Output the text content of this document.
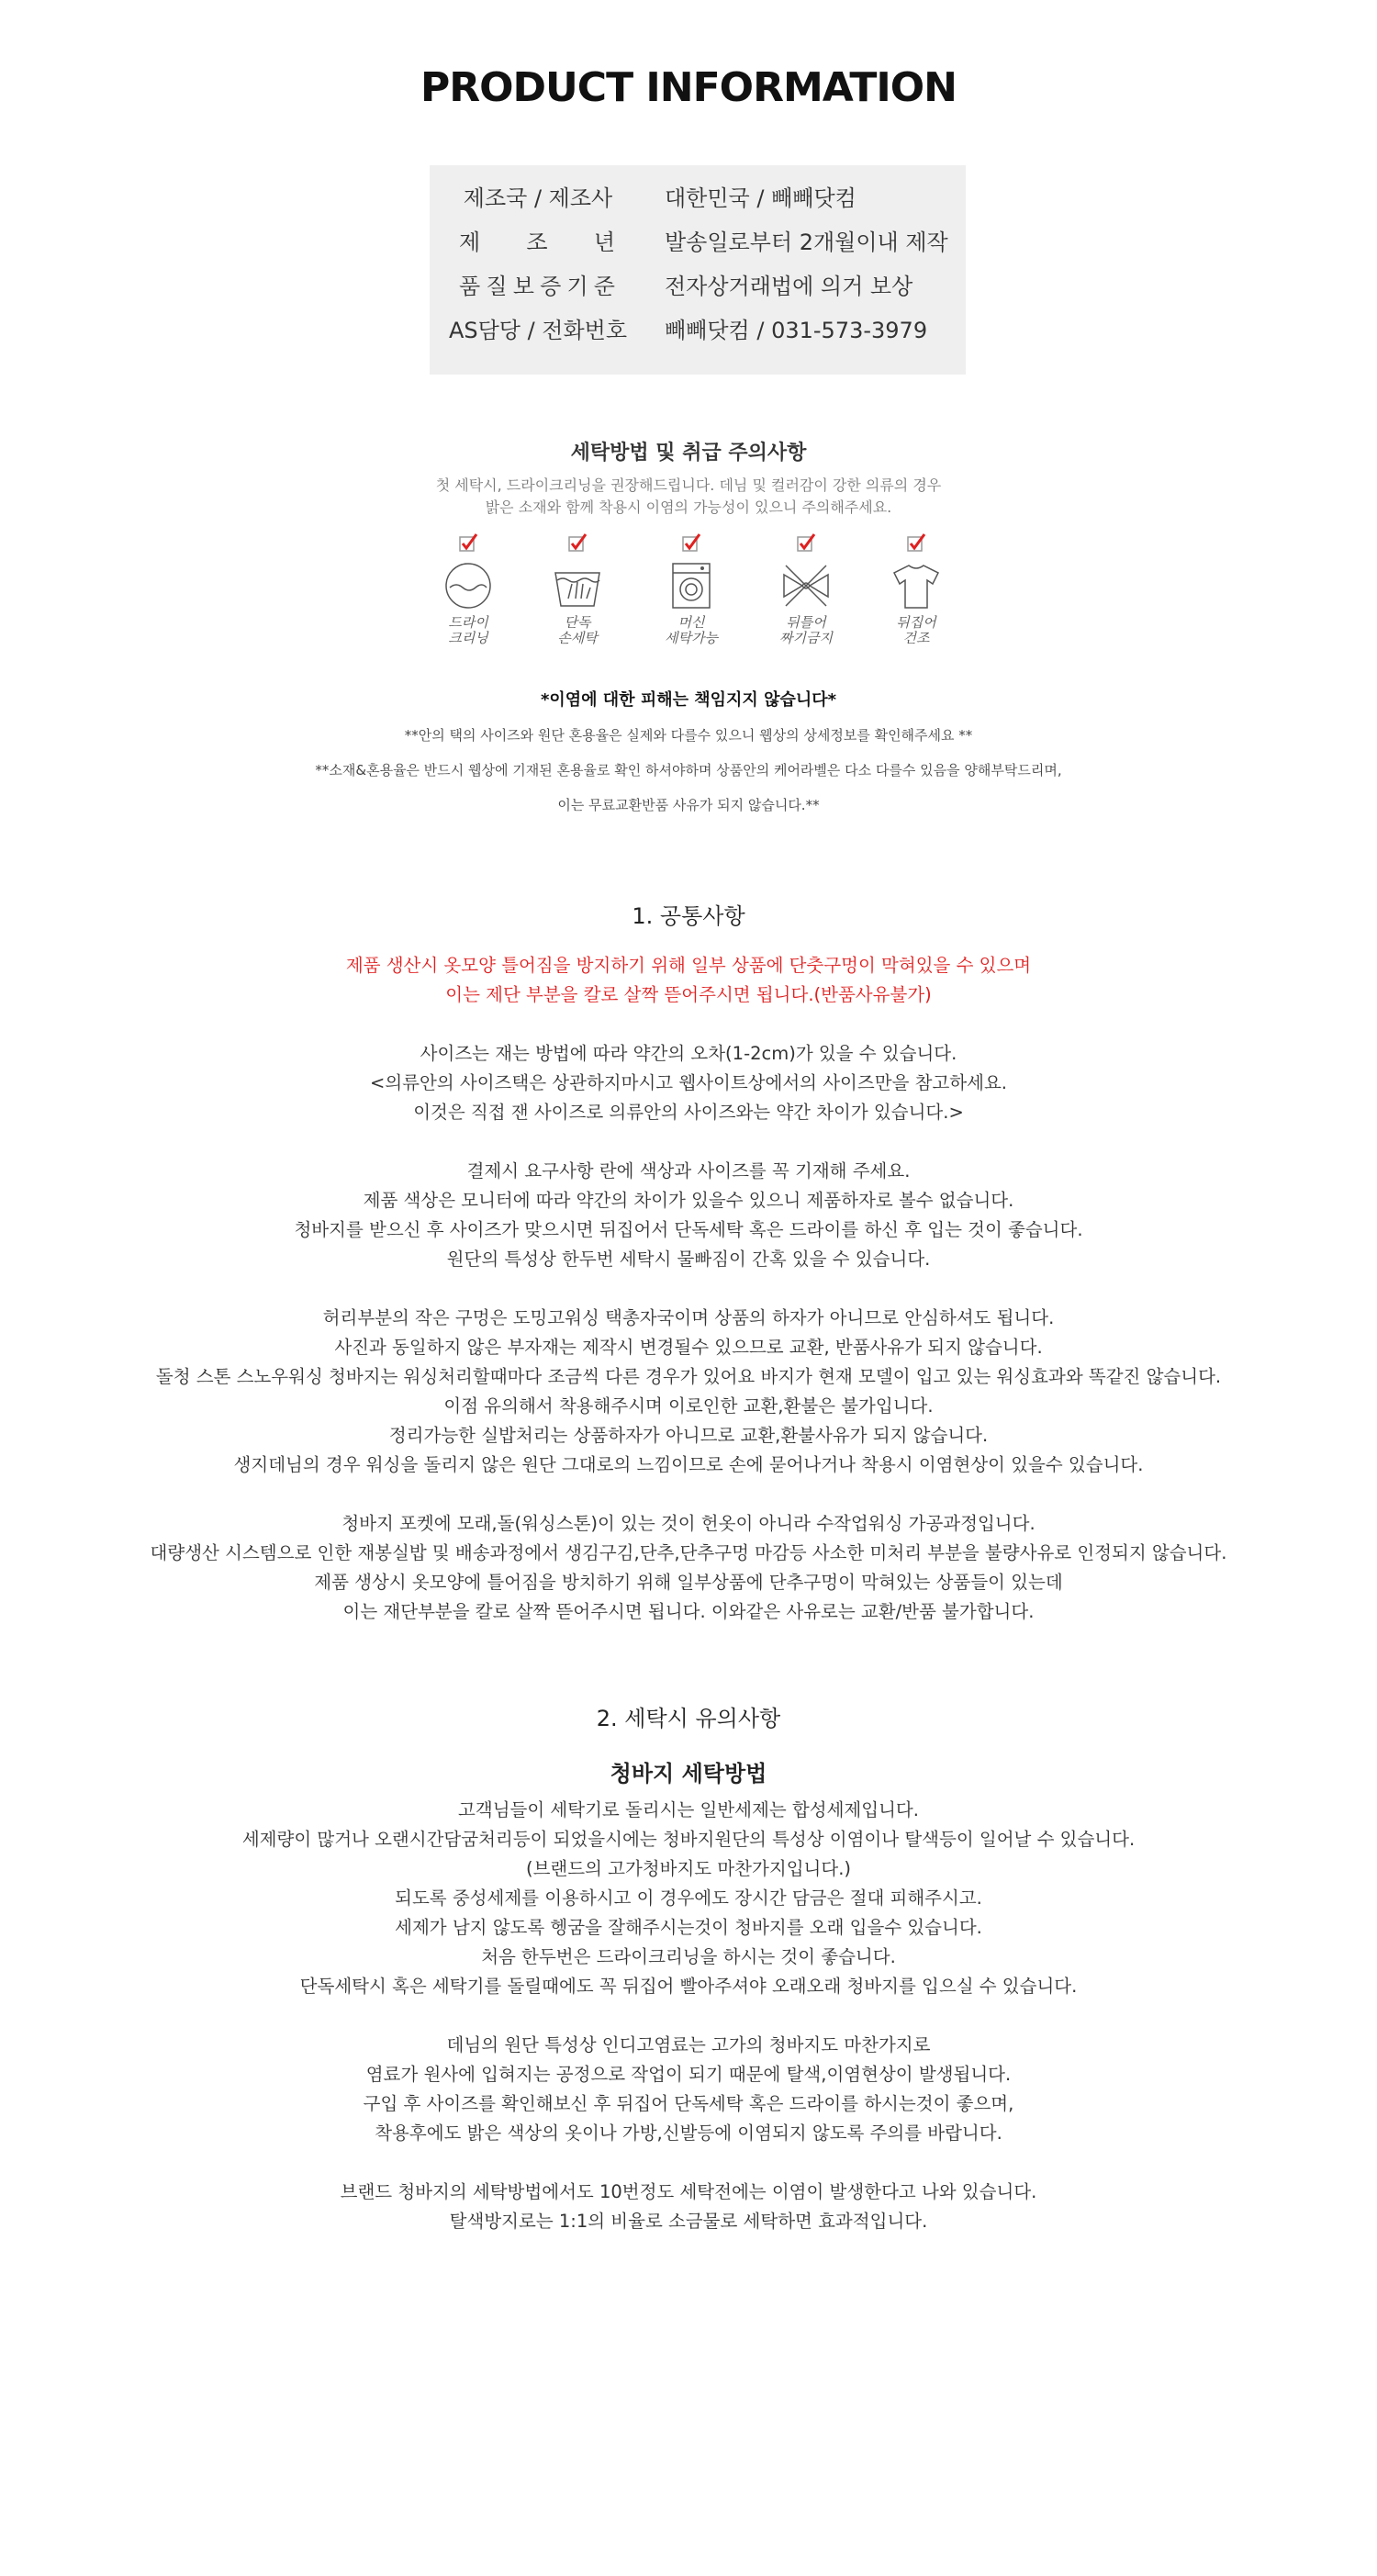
PRODUCT INFORMATION
제조국 / 제조사	대한민국 / 빼빼닷컴
제 조 년 발송일로부터 2개월이내 제작
품 질 보 증 기 준 전자상거래법에 의거 보상
AS담당 / 전화번호 빼빼닷컴 / 031-573-3979
세탁방법 및 취급 주의사항
첫 세탁시, 드라이크리닝을 권장해드립니다. 데님 및 컬러감이 강한 의류의 경우
밝은 소재와 함께 착용시 이염의 가능성이 있으니 주의해주세요.
드라이
크리닝
단독
손세탁
머신
세탁가능
뒤틀어
짜기금지
뒤집어
건조
*이염에 대한 피해는 책임지지 않습니다*
**안의 택의 사이즈와 원단 혼용율은 실제와 다를수 있으니 웹상의 상세정보를 확인해주세요 **
**소재&혼용율은 반드시 웹상에 기재된 혼용율로 확인 하셔야하며 상품안의 케어라벨은 다소 다를수 있음을 양해부탁드리며,
이는 무료교환반품 사유가 되지 않습니다.**
1. 공통사항
제품 생산시 옷모양 틀어짐을 방지하기 위해 일부 상품에 단춧구멍이 막혀있을 수 있으며
이는 제단 부분을 칼로 살짝 뜯어주시면 됩니다.(반품사유불가)
사이즈는 재는 방법에 따라 약간의 오차(1-2cm)가 있을 수 있습니다.
<의류안의 사이즈택은 상관하지마시고 웹사이트상에서의 사이즈만을 참고하세요.
이것은 직접 잰 사이즈로 의류안의 사이즈와는 약간 차이가 있습니다.>
결제시 요구사항 란에 색상과 사이즈를 꼭 기재해 주세요.
제품 색상은 모니터에 따라 약간의 차이가 있을수 있으니 제품하자로 볼수 없습니다.
청바지를 받으신 후 사이즈가 맞으시면 뒤집어서 단독세탁 혹은 드라이를 하신 후 입는 것이 좋습니다.
원단의 특성상 한두번 세탁시 물빠짐이 간혹 있을 수 있습니다.
허리부분의 작은 구멍은 도밍고워싱 택총자국이며 상품의 하자가 아니므로 안심하셔도 됩니다.
사진과 동일하지 않은 부자재는 제작시 변경될수 있으므로 교환, 반품사유가 되지 않습니다.
돌청 스톤 스노우워싱 청바지는 워싱처리할때마다 조금씩 다른 경우가 있어요 바지가 현재 모델이 입고 있는 워싱효과와 똑같진 않습니다.
이점 유의해서 착용해주시며 이로인한 교환,환불은 불가입니다.
정리가능한 실밥처리는 상품하자가 아니므로 교환,환불사유가 되지 않습니다.
생지데님의 경우 워싱을 돌리지 않은 원단 그대로의 느낌이므로 손에 묻어나거나 착용시 이염현상이 있을수 있습니다.
청바지 포켓에 모래,돌(워싱스톤)이 있는 것이 헌옷이 아니라 수작업워싱 가공과정입니다.
대량생산 시스템으로 인한 재봉실밥 및 배송과정에서 생김구김,단추,단추구멍 마감등 사소한 미처리 부분을 불량사유로 인정되지 않습니다.
제품 생상시 옷모양에 틀어짐을 방치하기 위해 일부상품에 단추구멍이 막혀있는 상품들이 있는데
이는 재단부분을 칼로 살짝 뜯어주시면 됩니다. 이와같은 사유로는 교환/반품 불가합니다.
2. 세탁시 유의사항
청바지 세탁방법
고객님들이 세탁기로 돌리시는 일반세제는 합성세제입니다.
세제량이 많거나 오랜시간담굼처리등이 되었을시에는 청바지원단의 특성상 이염이나 탈색등이 일어날 수 있습니다.
(브랜드의 고가청바지도 마찬가지입니다.)
되도록 중성세제를 이용하시고 이 경우에도 장시간 담금은 절대 피해주시고.
세제가 남지 않도록 헹굼을 잘해주시는것이 청바지를 오래 입을수 있습니다.
처음 한두번은 드라이크리닝을 하시는 것이 좋습니다.
단독세탁시 혹은 세탁기를 돌릴때에도 꼭 뒤집어 빨아주셔야 오래오래 청바지를 입으실 수 있습니다.
데님의 원단 특성상 인디고염료는 고가의 청바지도 마찬가지로
염료가 원사에 입혀지는 공정으로 작업이 되기 때문에 탈색,이염현상이 발생됩니다.
구입 후 사이즈를 확인해보신 후 뒤집어 단독세탁 혹은 드라이를 하시는것이 좋으며,
착용후에도 밝은 색상의 옷이나 가방,신발등에 이염되지 않도록 주의를 바랍니다.
브랜드 청바지의 세탁방법에서도 10번정도 세탁전에는 이염이 발생한다고 나와 있습니다.
탈색방지로는 1:1의 비율로 소금물로 세탁하면 효과적입니다.
